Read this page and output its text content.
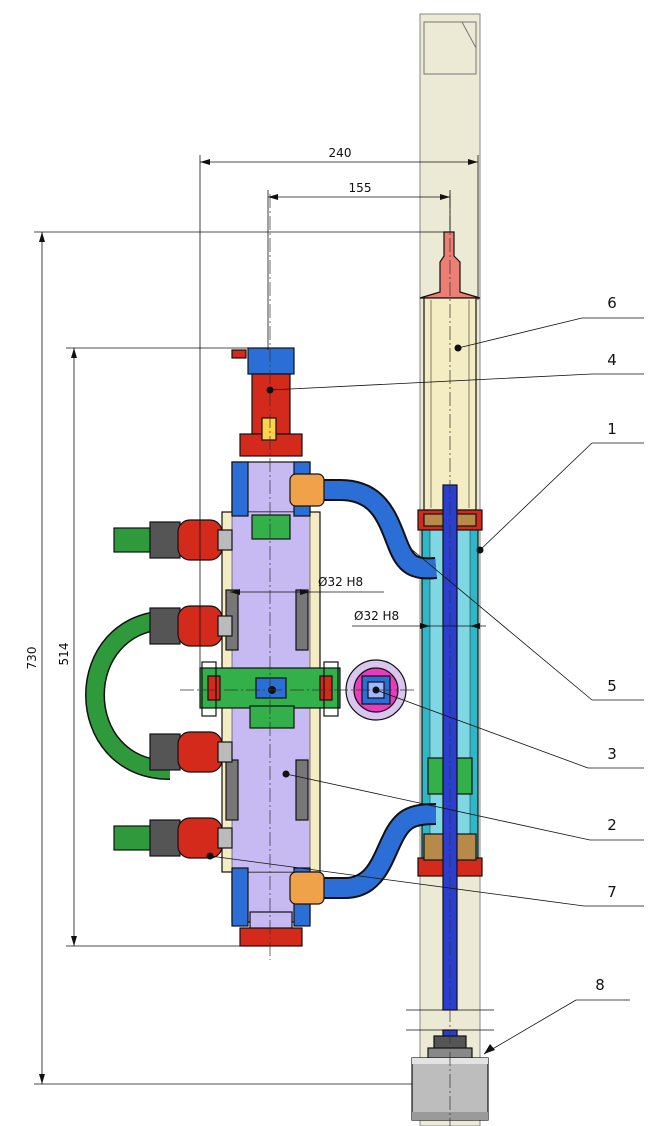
240
155
730 514
Ø32 H8
Ø32 H8
6
4
1
5
3
2
7
8
